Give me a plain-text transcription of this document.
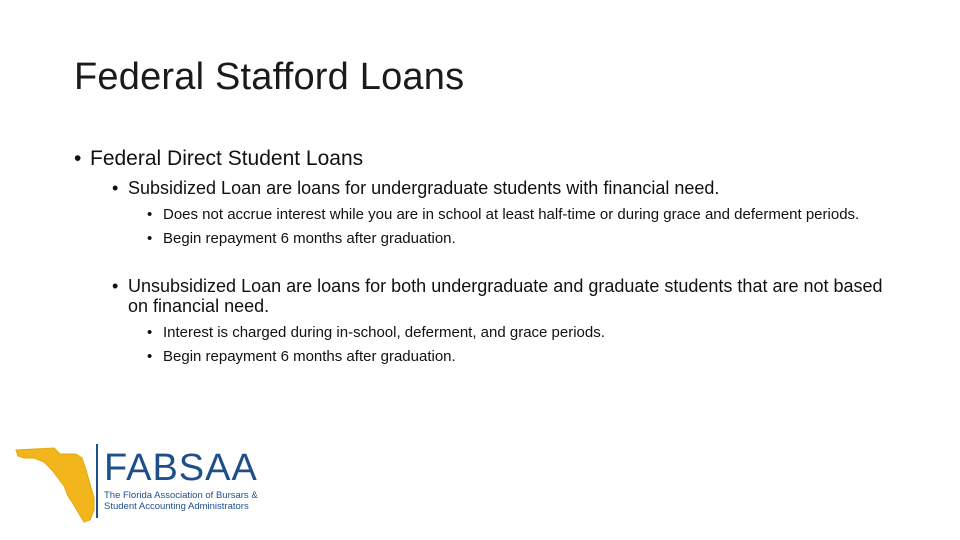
Federal Stafford Loans
• Federal Direct Student Loans
• Subsidized Loan are loans for undergraduate students with financial need.
• Does not accrue interest while you are in school at least half-time or during grace and deferment periods.
• Begin repayment 6 months after graduation.
• Unsubsidized Loan are loans for both undergraduate and graduate students that are not based on financial need.
• Interest is charged during in-school, deferment, and grace periods.
• Begin repayment 6 months after graduation.
FABSAA
The Florida Association of Bursars &
Student Accounting Administrators
